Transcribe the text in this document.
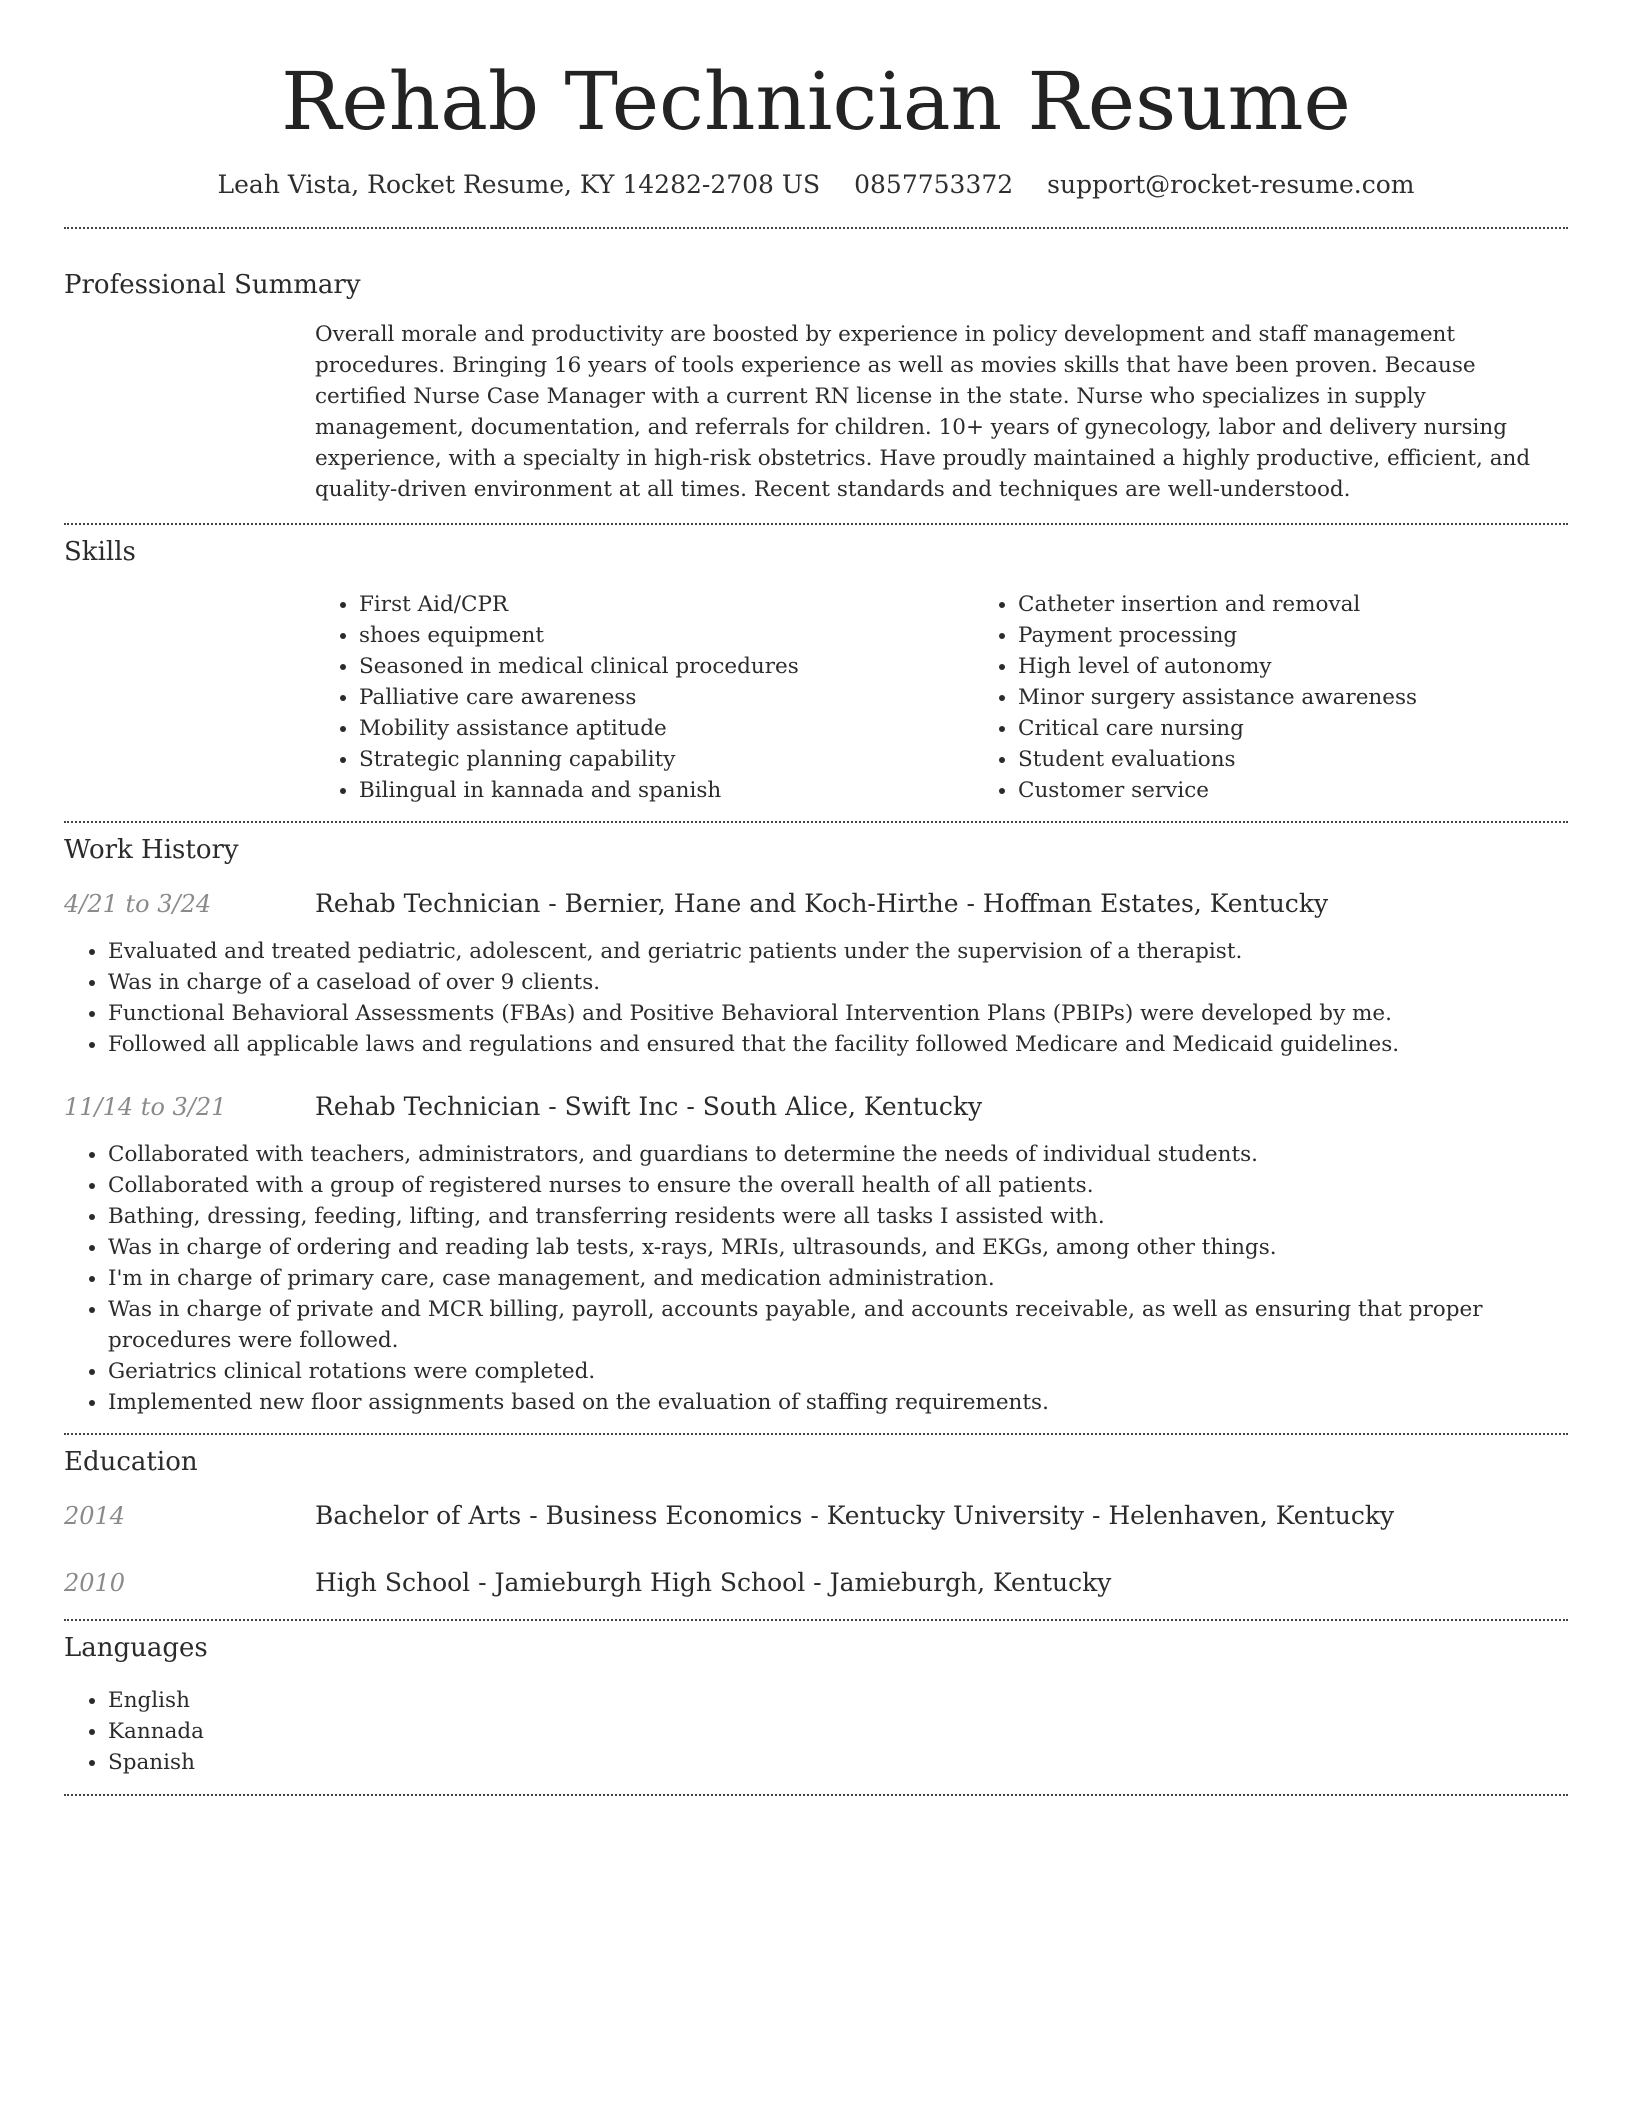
Rehab Technician Resume
Leah Vista, Rocket Resume, KY 14282-2708 US 0857753372 support@rocket-resume.com
Professional Summary

Overall morale and productivity are boosted by experience in policy development and staff management procedures. Bringing 16 years of tools experience as well as movies skills that have been proven. Because certified Nurse Case Manager with a current RN license in the state. Nurse who specializes in supply management, documentation, and referrals for children. 10+ years of gynecology, labor and delivery nursing experience, with a specialty in high-risk obstetrics. Have proudly maintained a highly productive, efficient, and quality-driven environment at all times. Recent standards and techniques are well-understood.

Skills
• First Aid/CPR
• shoes equipment
• Seasoned in medical clinical procedures
• Palliative care awareness
• Mobility assistance aptitude
• Strategic planning capability
• Bilingual in kannada and spanish
• Catheter insertion and removal
• Payment processing
• High level of autonomy
• Minor surgery assistance awareness
• Critical care nursing
• Student evaluations
• Customer service
Work History
4/21 to 3/24	Rehab Technician - Bernier, Hane and Koch-Hirthe - Hoffman Estates, Kentucky
• Evaluated and treated pediatric, adolescent, and geriatric patients under the supervision of a therapist.
• Was in charge of a caseload of over 9 clients.
• Functional Behavioral Assessments (FBAs) and Positive Behavioral Intervention Plans (PBIPs) were developed by me.
• Followed all applicable laws and regulations and ensured that the facility followed Medicare and Medicaid guidelines.
11/14 to 3/21	Rehab Technician - Swift Inc - South Alice, Kentucky
• Collaborated with teachers, administrators, and guardians to determine the needs of individual students.
• Collaborated with a group of registered nurses to ensure the overall health of all patients.
• Bathing, dressing, feeding, lifting, and transferring residents were all tasks I assisted with.
• Was in charge of ordering and reading lab tests, x-rays, MRIs, ultrasounds, and EKGs, among other things.
• I'm in charge of primary care, case management, and medication administration.
• Was in charge of private and MCR billing, payroll, accounts payable, and accounts receivable, as well as ensuring that proper procedures were followed.
• Geriatrics clinical rotations were completed.
• Implemented new floor assignments based on the evaluation of staffing requirements.
Education
2014	Bachelor of Arts - Business Economics - Kentucky University - Helenhaven, Kentucky
2010	High School - Jamieburgh High School - Jamieburgh, Kentucky
Languages
• English
• Kannada
• Spanish
